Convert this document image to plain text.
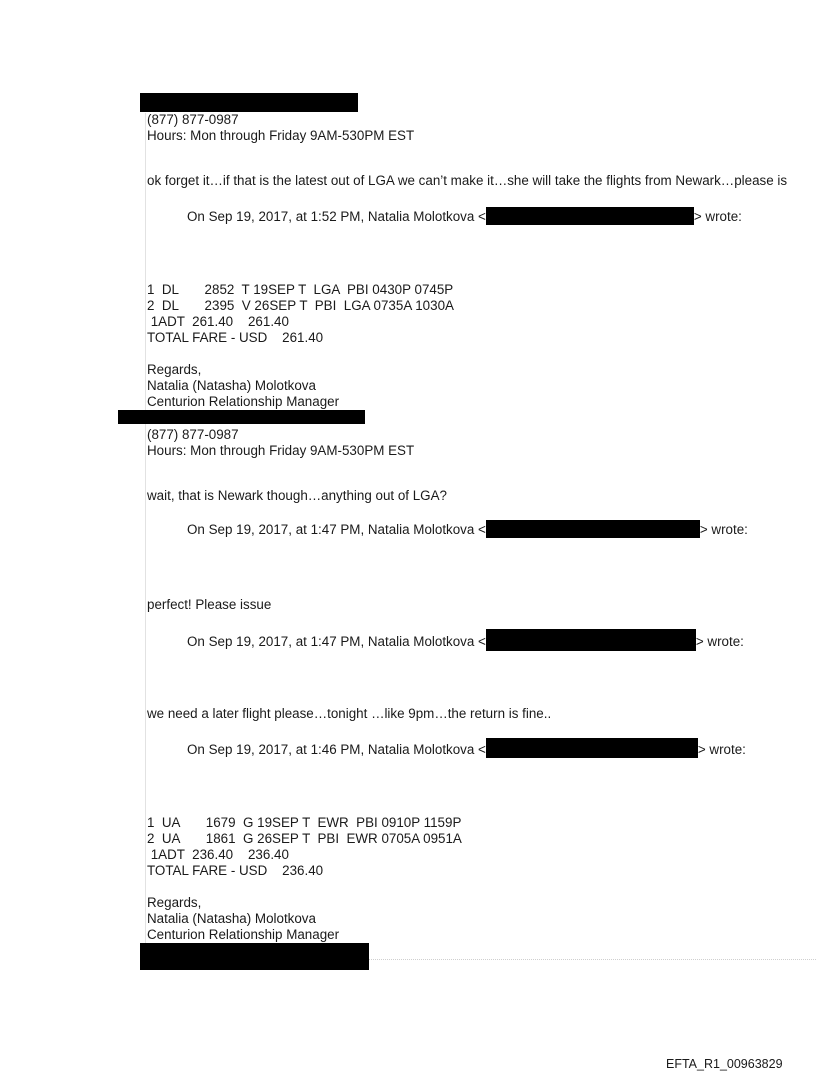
(877) 877-0987
Hours: Mon through Friday 9AM-530PM EST
ok forget it…if that is the latest out of LGA we can’t make it…she will take the flights from Newark…please is
On Sep 19, 2017, at 1:52 PM, Natalia Molotkova <	> wrote:
1  DL       2852  T 19SEP T  LGA  PBI 0430P 0745P
2  DL       2395  V 26SEP T  PBI  LGA 0735A 1030A
1ADT  261.40    261.40
TOTAL FARE - USD    261.40
Regards,
Natalia (Natasha) Molotkova
Centurion Relationship Manager
(877) 877-0987
Hours: Mon through Friday 9AM-530PM EST
wait, that is Newark though…anything out of LGA?
On Sep 19, 2017, at 1:47 PM, Natalia Molotkova <	> wrote:
perfect! Please issue
On Sep 19, 2017, at 1:47 PM, Natalia Molotkova <	> wrote:
we need a later flight please…tonight …like 9pm…the return is fine..
On Sep 19, 2017, at 1:46 PM, Natalia Molotkova <	> wrote:
1  UA       1679  G 19SEP T  EWR  PBI 0910P 1159P
2  UA       1861  G 26SEP T  PBI  EWR 0705A 0951A
1ADT  236.40    236.40
TOTAL FARE - USD    236.40
Regards,
Natalia (Natasha) Molotkova
Centurion Relationship Manager
EFTA_R1_00963829
